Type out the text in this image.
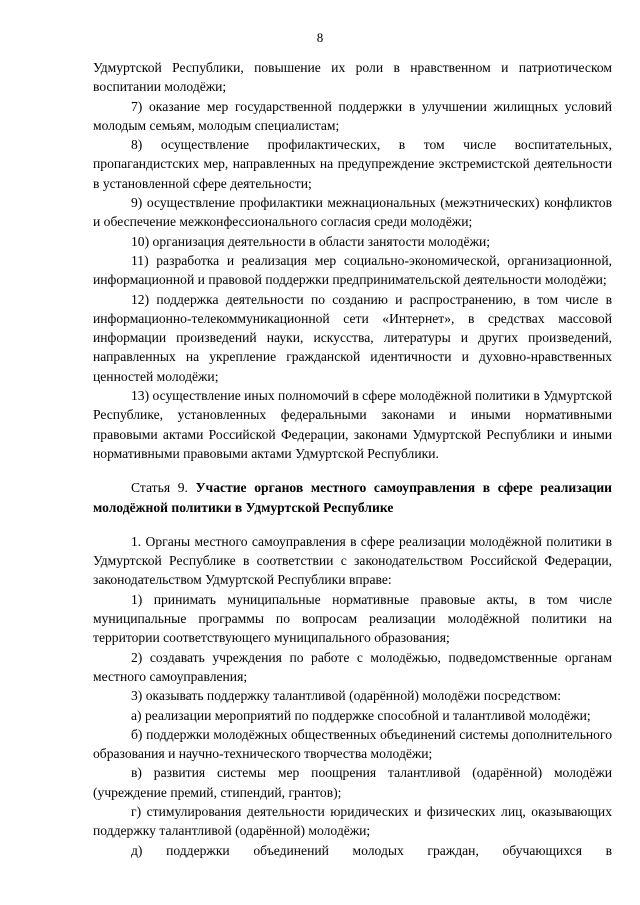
8

Удмуртской Республики, повышение их роли в нравственном и патриотическом воспитании молодёжи;

7) оказание мер государственной поддержки в улучшении жилищных условий молодым семьям, молодым специалистам;

8) осуществление профилактических, в том числе воспитательных, пропагандистских мер, направленных на предупреждение экстремистской деятельности в установленной сфере деятельности;

9) осуществление профилактики межнациональных (межэтнических) конфликтов и обеспечение межконфессионального согласия среди молодёжи;

10) организация деятельности в области занятости молодёжи;

11) разработка и реализация мер социально-экономической, организационной, информационной и правовой поддержки предпринимательской деятельности молодёжи;

12) поддержка деятельности по созданию и распространению, в том числе в информационно-телекоммуникационной сети «Интернет», в средствах массовой информации произведений науки, искусства, литературы и других произведений, направленных на укрепление гражданской идентичности и духовно-нравственных ценностей молодёжи;

13) осуществление иных полномочий в сфере молодёжной политики в Удмуртской Республике, установленных федеральными законами и иными нормативными правовыми актами Российской Федерации, законами Удмуртской Республики и иными нормативными правовыми актами Удмуртской Республики.

Статья 9. Участие органов местного самоуправления в сфере реализации молодёжной политики в Удмуртской Республике

1. Органы местного самоуправления в сфере реализации молодёжной политики в Удмуртской Республике в соответствии с законодательством Российской Федерации, законодательством Удмуртской Республики вправе:

1) принимать муниципальные нормативные правовые акты, в том числе муниципальные программы по вопросам реализации молодёжной политики на территории соответствующего муниципального образования;

2) создавать учреждения по работе с молодёжью, подведомственные органам местного самоуправления;

3) оказывать поддержку талантливой (одарённой) молодёжи посредством:

а) реализации мероприятий по поддержке способной и талантливой молодёжи;

б) поддержки молодёжных общественных объединений системы дополнительного образования и научно-технического творчества молодёжи;

в) развития системы мер поощрения талантливой (одарённой) молодёжи (учреждение премий, стипендий, грантов);

г) стимулирования деятельности юридических и физических лиц, оказывающих поддержку талантливой (одарённой) молодёжи;

д) поддержки объединений молодых граждан, обучающихся в
